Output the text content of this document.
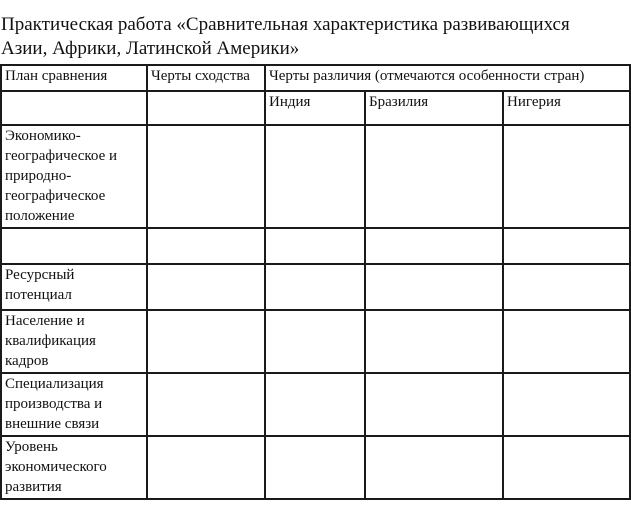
Практическая работа «Сравнительная характеристика развивающихся
Азии, Африки, Латинской Америки»
План сравнения	Черты сходства	Черты различия (отмечаются особенности стран)		
		Индия	Бразилия	Нигерия
Экономико-географическое и природно-географическое положение				

Ресурсный потенциал				
Население и квалификация кадров				
Специализация производства и внешние связи				
Уровень экономического развития				
